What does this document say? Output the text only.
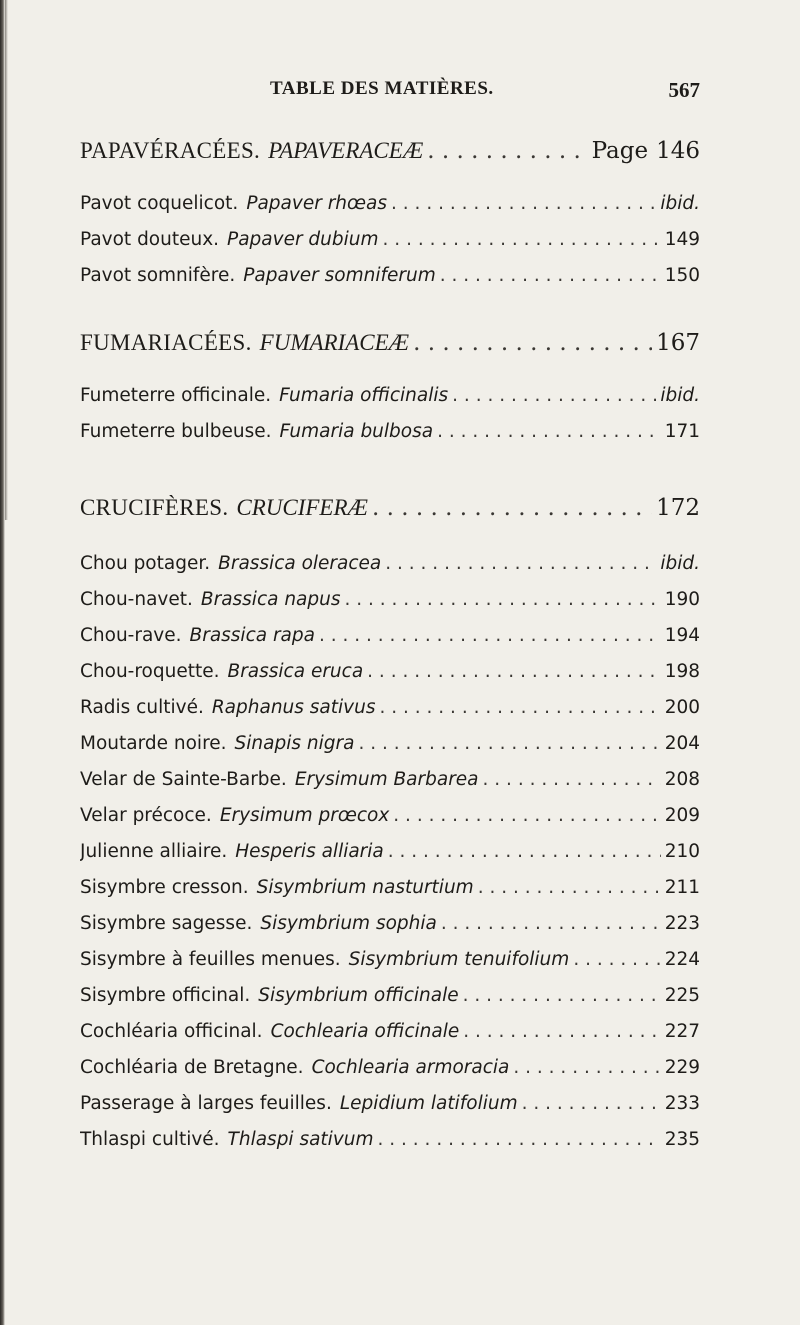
TABLE DES MATIÈRES.	567
PAPAVÉRACÉES. PAPAVERACEÆ . . .	Page 146
Pavot coquelicot. Papaver rhœas . . .	ibid.
Pavot douteux. Papaver dubium . . .	149
Pavot somnifère. Papaver somniferum . . .	150
FUMARIACÉES. FUMARIACEÆ . . .	167
Fumeterre officinale. Fumaria officinalis . . .	ibid.
Fumeterre bulbeuse. Fumaria bulbosa . . .	171
CRUCIFÈRES. CRUCIFERÆ . . .	172
Chou potager. Brassica oleracea . . .	ibid.
Chou-navet. Brassica napus . . .	190
Chou-rave. Brassica rapa . . .	194
Chou-roquette. Brassica eruca . . .	198
Radis cultivé. Raphanus sativus . . .	200
Moutarde noire. Sinapis nigra . . .	204
Velar de Sainte-Barbe. Erysimum Barbarea . . .	208
Velar précoce. Erysimum prœcox . . .	209
Julienne alliaire. Hesperis alliaria . . .	210
Sisymbre cresson. Sisymbrium nasturtium . . .	211
Sisymbre sagesse. Sisymbrium sophia . . .	223
Sisymbre à feuilles menues. Sisymbrium tenuifolium . . .	224
Sisymbre officinal. Sisymbrium officinale . . .	225
Cochléaria officinal. Cochlearia officinale . . .	227
Cochléaria de Bretagne. Cochlearia armoracia . . .	229
Passerage à larges feuilles. Lepidium latifolium . . .	233
Thlaspi cultivé. Thlaspi sativum . . .	235
